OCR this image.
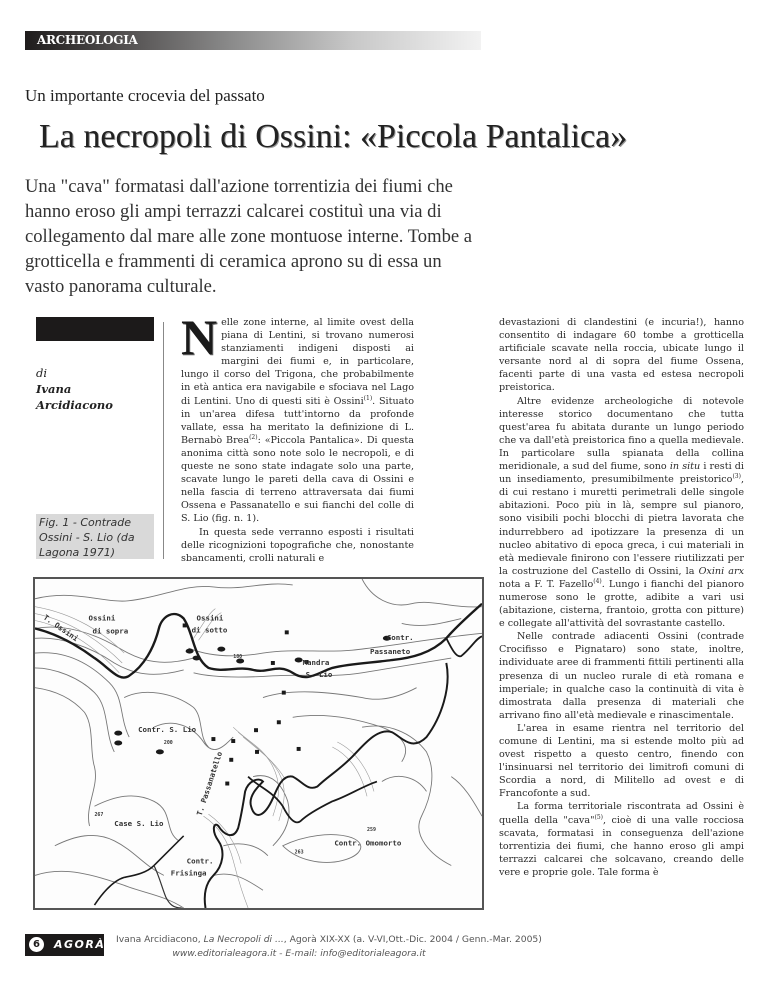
ARCHEOLOGIA
Un importante crocevia del passato
La necropoli di Ossini: «Piccola Pantalica»
Una "cava" formatasi dall'azione torrentizia dei fiumi che hanno eroso gli ampi terrazzi calcarei costituì una via di collegamento dal mare alle zone montuose interne. Tombe a grotticella e frammenti di ceramica aprono su di essa un vasto panorama culturale.
di
Ivana
Arcidiacono
Fig. 1 - Contrade Ossini - S. Lio (da Lagona 1971)

Nelle zone interne, al limite ovest della piana di Lentini, si trovano numerosi stanziamenti indigeni disposti ai margini dei fiumi e, in particolare, lungo il corso del Trigona, che probabilmente in età antica era navigabile e sfociava nel Lago di Lentini. Uno di questi siti è Ossini$^{(1)}$. Situato in un'area difesa tutt'intorno da profonde vallate, essa ha meritato la definizione di L. Bernabò Brea$^{(2)}$: «Piccola Pantalica». Di questa anonima città sono note solo le necropoli, e di queste ne sono state indagate solo una parte, scavate lungo le pareti della cava di Ossini e nella fascia di terreno attraversata dai fiumi Ossena e Passanatello e sui fianchi del colle di S. Lio (fig. n. 1).

In questa sede verranno esposti i risultati delle ricognizioni topografiche che, nonostante sbancamenti, crolli naturali e

devastazioni di clandestini (e incuria!), hanno consentito di indagare 60 tombe a grotticella artificiale scavate nella roccia, ubicate lungo il versante nord al di sopra del fiume Ossena, facenti parte di una vasta ed estesa necropoli preistorica.

Altre evidenze archeologiche di notevole interesse storico documentano che tutta quest'area fu abitata durante un lungo periodo che va dall'età preistorica fino a quella medievale. In particolare sulla spianata della collina meridionale, a sud del fiume, sono in situ i resti di un insediamento, presumibilmente preistorico$^{(3)}$, di cui restano i muretti perimetrali delle singole abitazioni. Poco più in là, sempre sul pianoro, sono visibili pochi blocchi di pietra lavorata che indurrebbero ad ipotizzare la presenza di un nucleo abitativo di epoca greca, i cui materiali in età medievale finirono con l'essere riutilizzati per la costruzione del Castello di Ossini, la Oxini arx nota a F. T. Fazello$^{(4)}$. Lungo i fianchi del pianoro numerose sono le grotte, adibite a vari usi (abitazione, cisterna, frantoio, grotta con pitture) e collegate all'attività del sovrastante castello.

Nelle contrade adiacenti Ossini (contrade Crocifisso e Pignataro) sono state, inoltre, individuate aree di frammenti fittili pertinenti alla presenza di un nucleo rurale di età romana e imperiale; in qualche caso la continuità di vita è dimostrata dalla presenza di materiali che arrivano fino all'età medievale e rinascimentale.

L'area in esame rientra nel territorio del comune di Lentini, ma si estende molto più ad ovest rispetto a questo centro, finendo con l'insinuarsi nel territorio dei limitrofi comuni di Scordia a nord, di Militello ad ovest e di Francofonte a sud.

La forma territoriale riscontrata ad Ossini è quella della "cava"$^{(5)}$, cioè di una valle rocciosa scavata, formatasi in conseguenza dell'azione torrentizia dei fiumi, che hanno eroso gli ampi terrazzi calcarei che solcavano, creando delle vere e proprie gole. Tale forma è

Ossini
di sopra
T. Ossini	Ossini
di sotto
180
Contr.
Passaneto
Mandra
S. Lio
Contr. S. Lio
200
267
Case S. Lio
T. Passanatello
Contr.
Frisinga
259
Contr. Omomorto
263
6	AGORÀ Ivana Arcidiacono, La Necropoli di ..., Agorà XIX-XX (a. V-VI,Ott.-Dic. 2004 / Genn.-Mar. 2005)
www.editorialeagora.it - E-mail: info@editorialeagora.it
